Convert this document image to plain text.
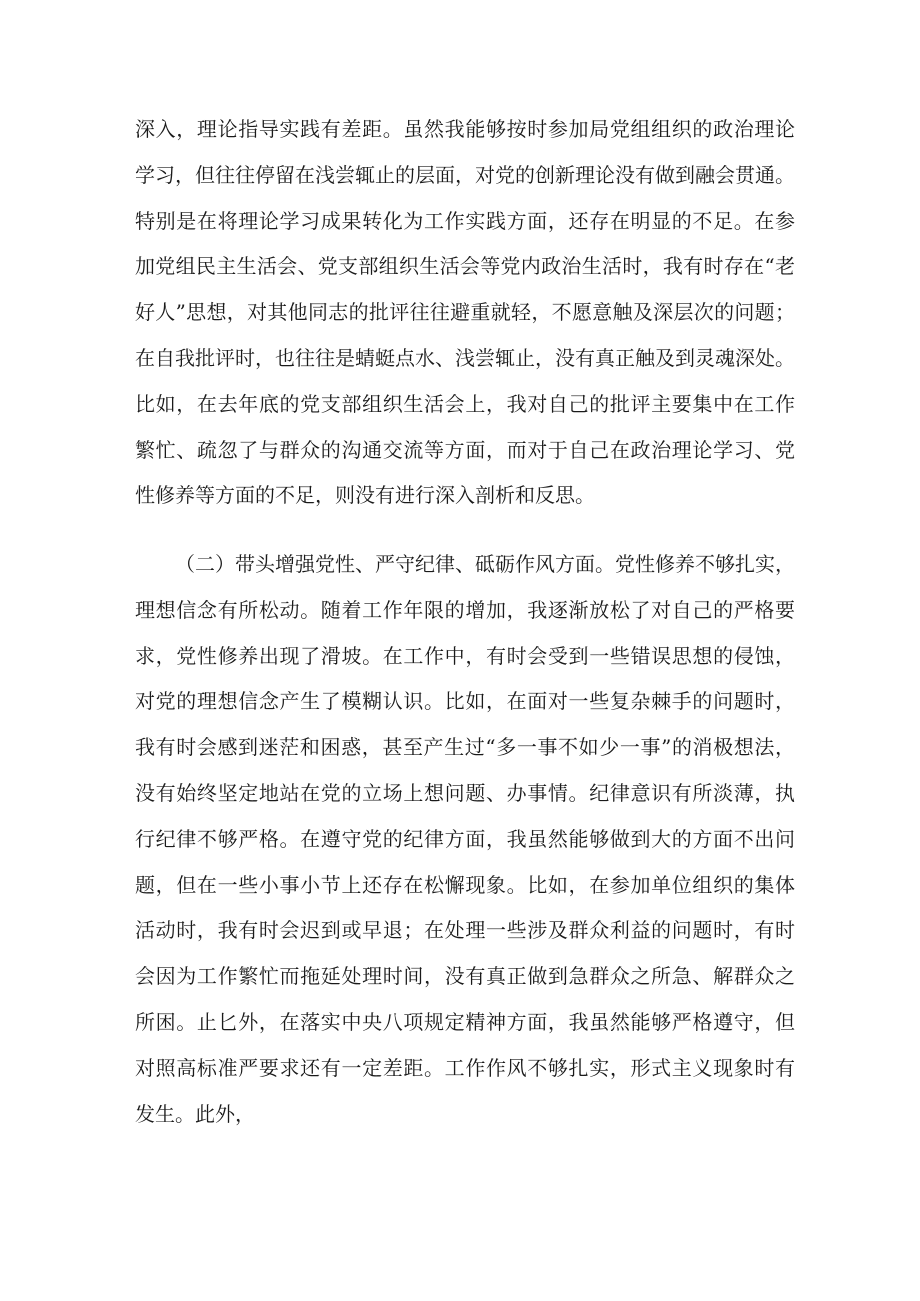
深入，理论指导实践有差距。虽然我能够按时参加局党组组织的政治理论
学习，但往往停留在浅尝辄止的层面，对党的创新理论没有做到融会贯通。
特别是在将理论学习成果转化为工作实践方面，还存在明显的不足。在参
加党组民主生活会、党支部组织生活会等党内政治生活时，我有时存在“老
好人”思想，对其他同志的批评往往避重就轻，不愿意触及深层次的问题；
在自我批评时，也往往是蜻蜓点水、浅尝辄止，没有真正触及到灵魂深处。
比如，在去年底的党支部组织生活会上，我对自己的批评主要集中在工作
繁忙、疏忽了与群众的沟通交流等方面，而对于自己在政治理论学习、党
性修养等方面的不足，则没有进行深入剖析和反思。
（二）带头增强党性、严守纪律、砥砺作风方面。党性修养不够扎实，
理想信念有所松动。随着工作年限的增加，我逐渐放松了对自己的严格要
求，党性修养出现了滑坡。在工作中，有时会受到一些错误思想的侵蚀，
对党的理想信念产生了模糊认识。比如，在面对一些复杂棘手的问题时，
我有时会感到迷茫和困惑，甚至产生过“多一事不如少一事”的消极想法，
没有始终坚定地站在党的立场上想问题、办事情。纪律意识有所淡薄，执
行纪律不够严格。在遵守党的纪律方面，我虽然能够做到大的方面不出问
题，但在一些小事小节上还存在松懈现象。比如，在参加单位组织的集体
活动时，我有时会迟到或早退；在处理一些涉及群众利益的问题时，有时
会因为工作繁忙而拖延处理时间，没有真正做到急群众之所急、解群众之
所困。止匕外，在落实中央八项规定精神方面，我虽然能够严格遵守，但
对照高标准严要求还有一定差距。工作作风不够扎实，形式主义现象时有
发生。此外，
